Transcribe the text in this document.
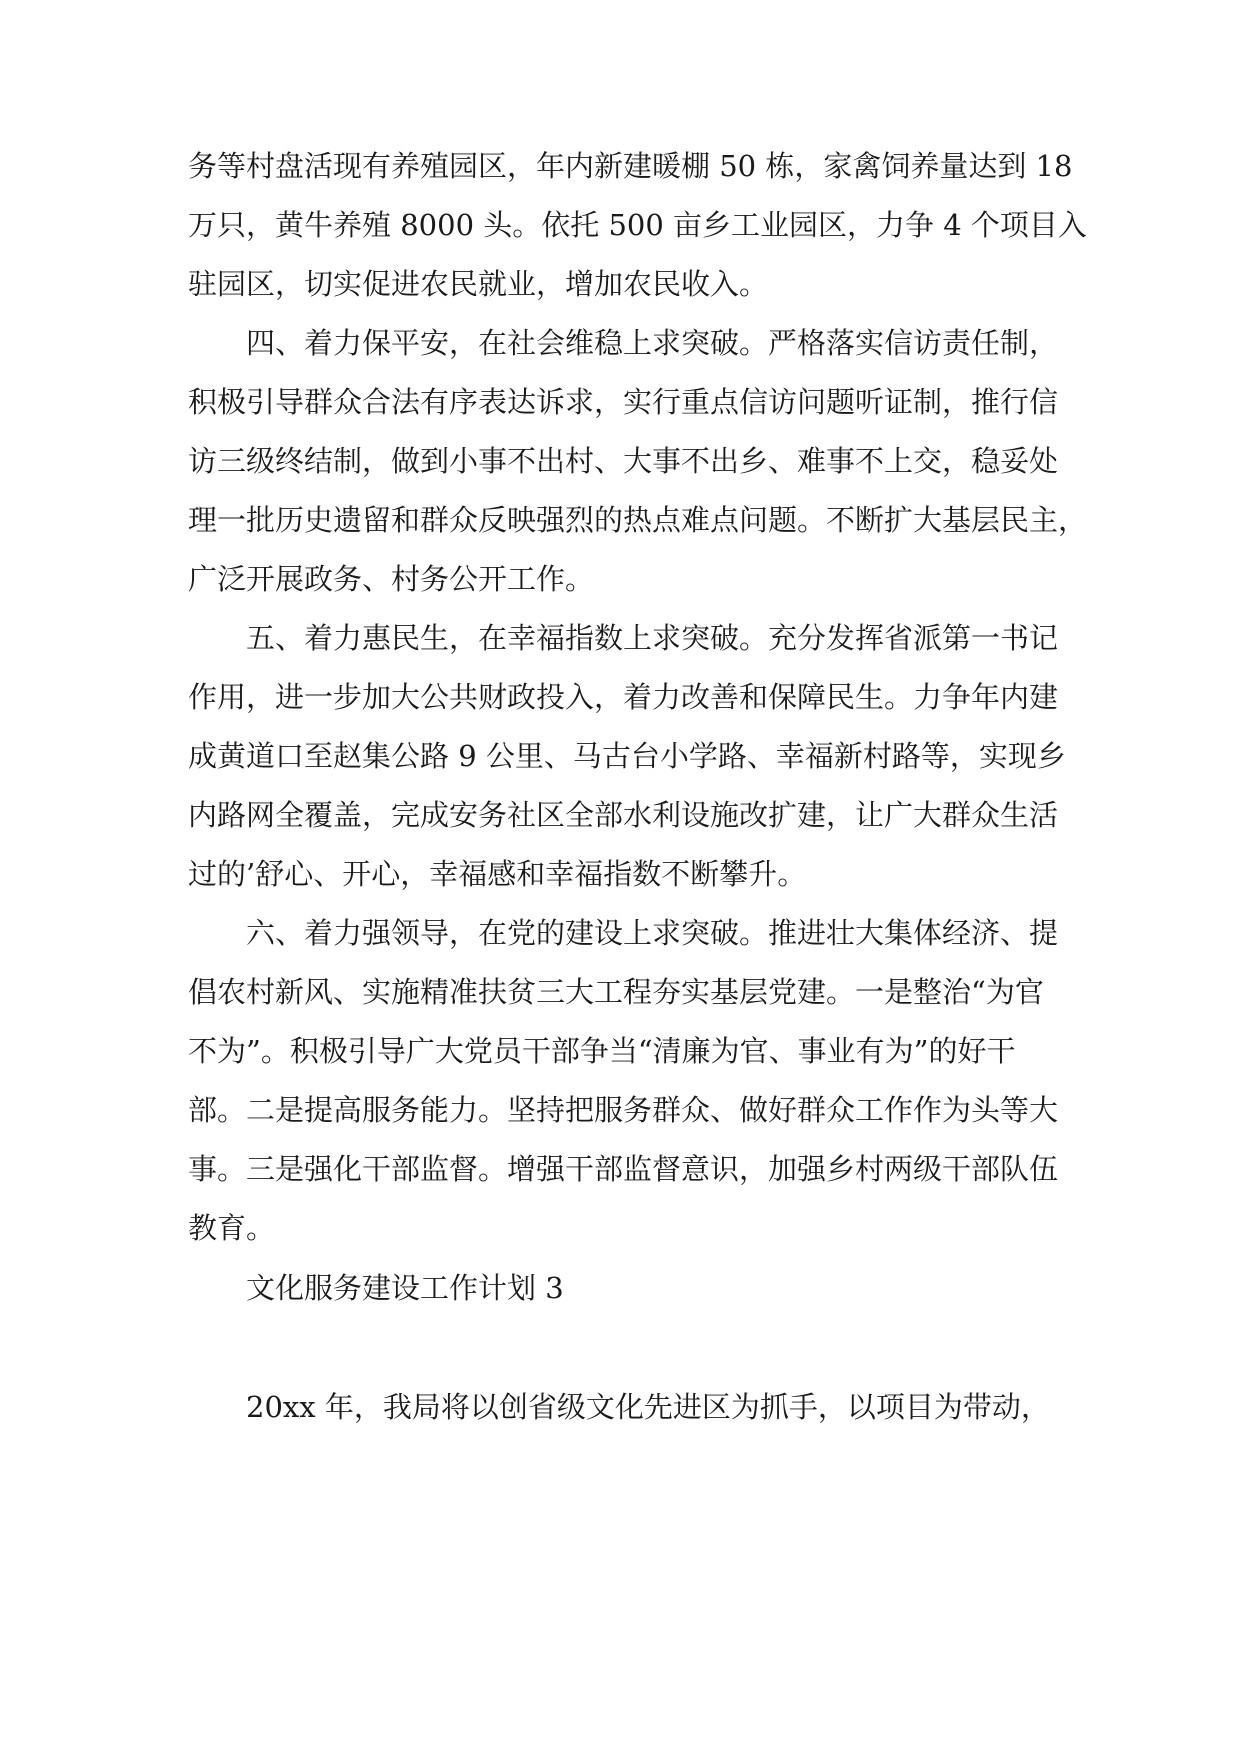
务等村盘活现有养殖园区，年内新建暖棚 50 栋，家禽饲养量达到 18
万只，黄牛养殖 8000 头。依托 500 亩乡工业园区，力争 4 个项目入
驻园区，切实促进农民就业，增加农民收入。
四、着力保平安，在社会维稳上求突破。严格落实信访责任制，
积极引导群众合法有序表达诉求，实行重点信访问题听证制，推行信
访三级终结制，做到小事不出村、大事不出乡、难事不上交，稳妥处
理一批历史遗留和群众反映强烈的热点难点问题。不断扩大基层民主，
广泛开展政务、村务公开工作。
五、着力惠民生，在幸福指数上求突破。充分发挥省派第一书记
作用，进一步加大公共财政投入，着力改善和保障民生。力争年内建
成黄道口至赵集公路 9 公里、马古台小学路、幸福新村路等，实现乡
内路网全覆盖，完成安务社区全部水利设施改扩建，让广大群众生活
过的’舒心、开心，幸福感和幸福指数不断攀升。
六、着力强领导，在党的建设上求突破。推进壮大集体经济、提
倡农村新风、实施精准扶贫三大工程夯实基层党建。一是整治“为官
不为”。积极引导广大党员干部争当“清廉为官、事业有为”的好干
部。二是提高服务能力。坚持把服务群众、做好群众工作作为头等大
事。三是强化干部监督。增强干部监督意识，加强乡村两级干部队伍
教育。
文化服务建设工作计划 3
20xx 年，我局将以创省级文化先进区为抓手，以项目为带动，
